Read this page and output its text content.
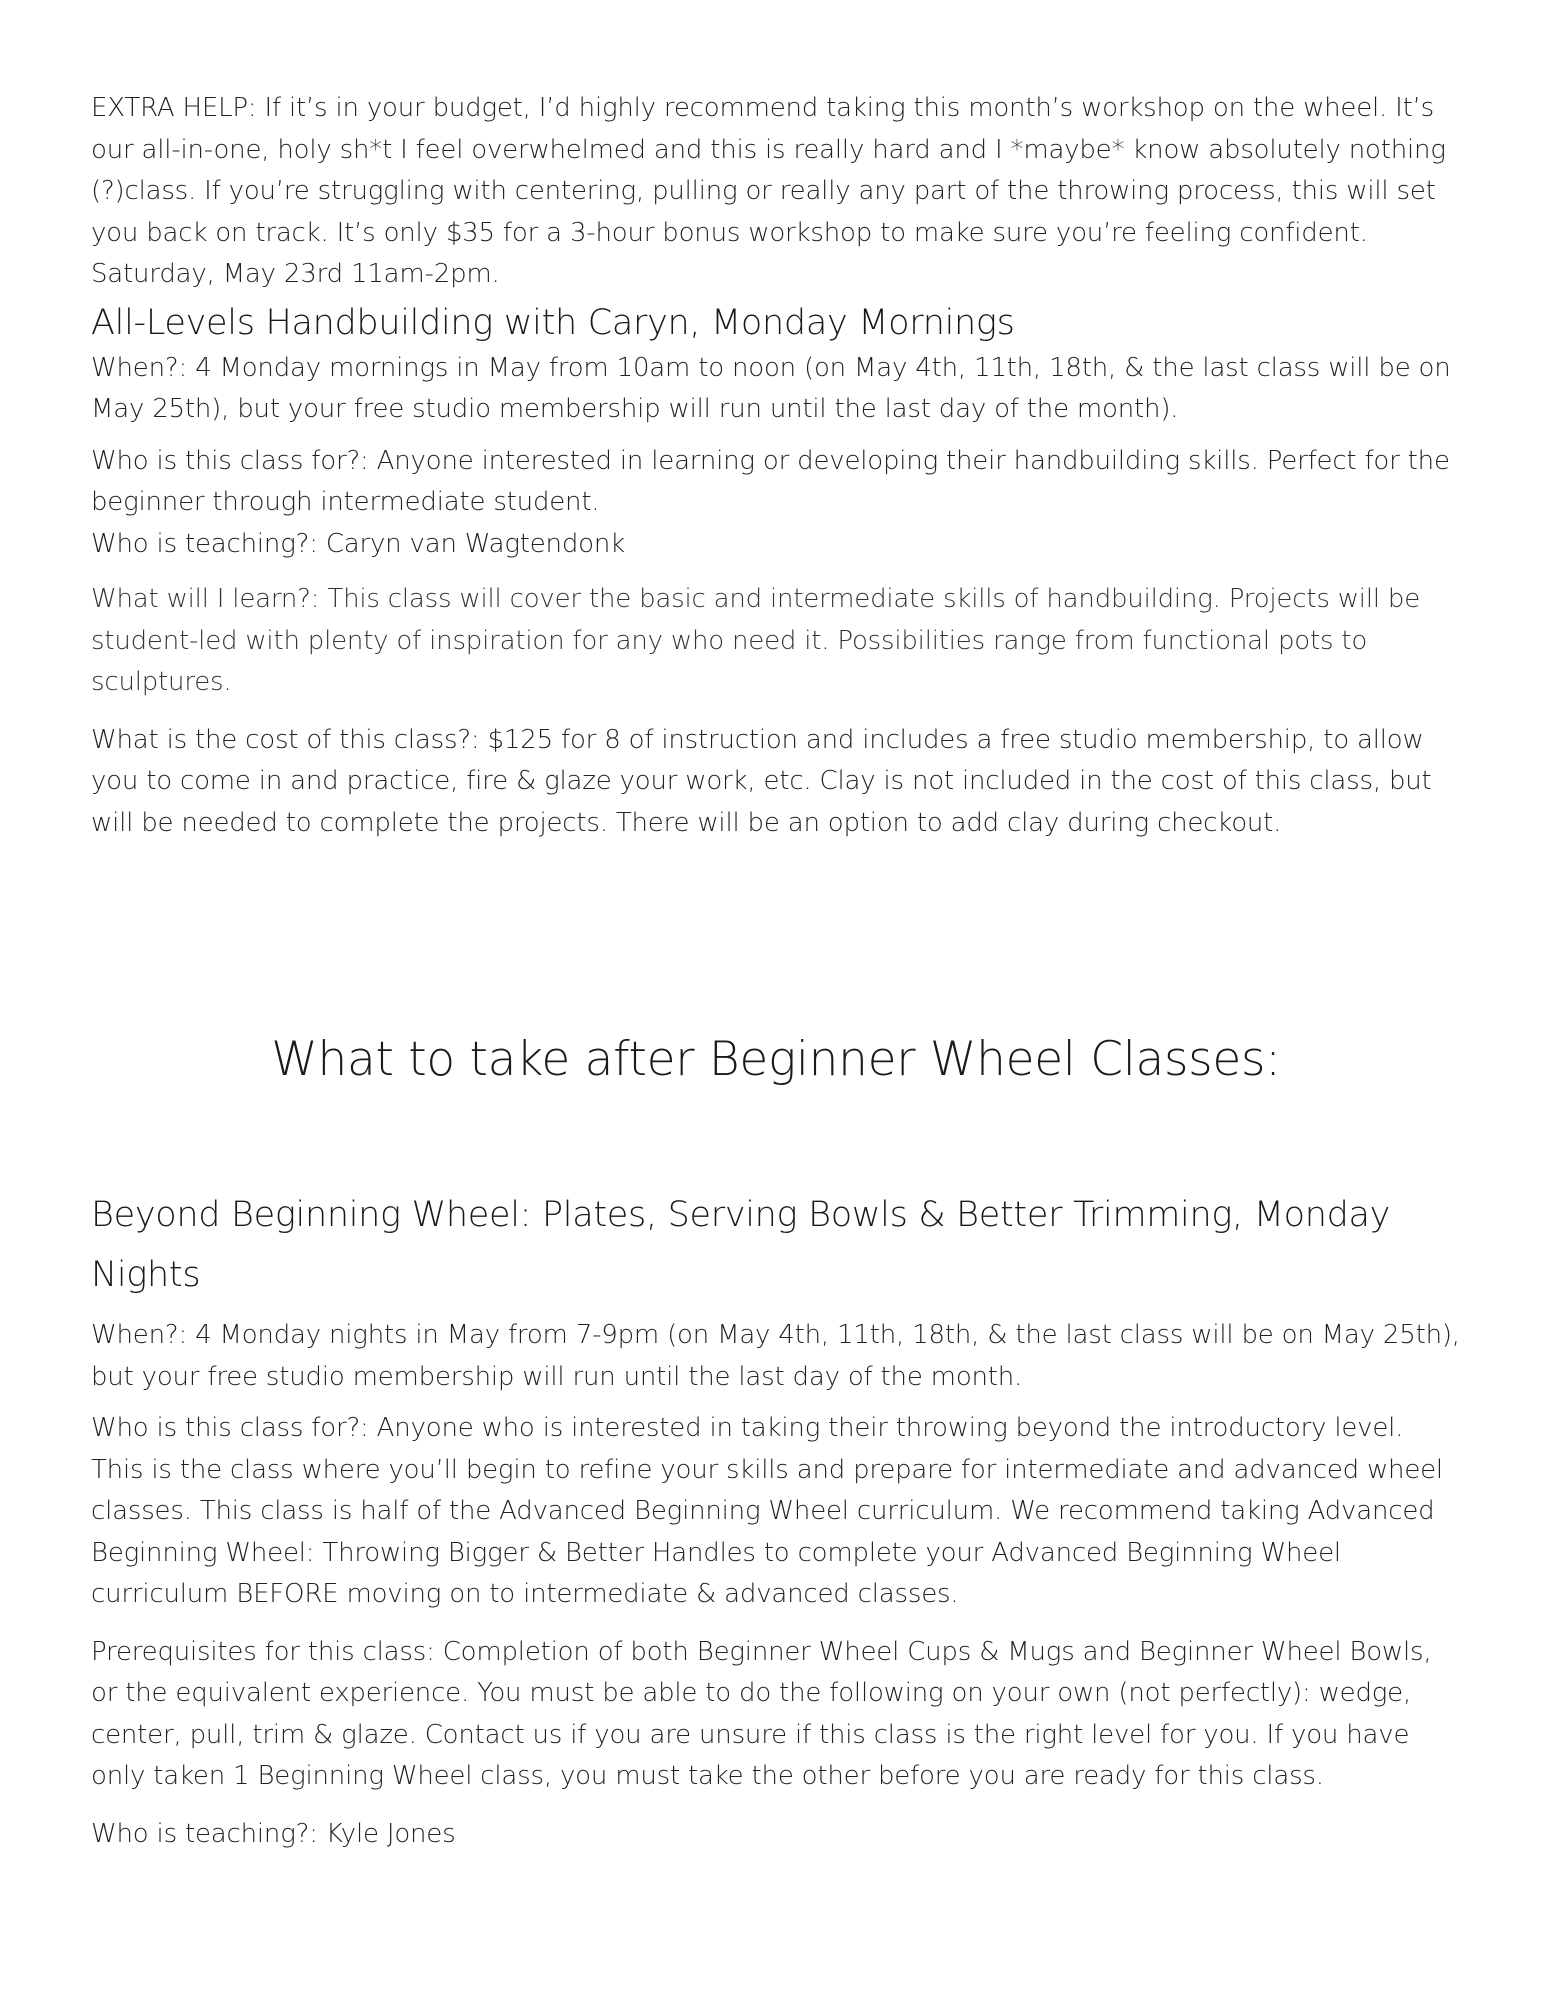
EXTRA HELP: If it’s in your budget, I’d highly recommend taking this month’s workshop on the wheel. It’s our all-in-one, holy sh*t I feel overwhelmed and this is really hard and I *maybe* know absolutely nothing (?)class. If you’re struggling with centering, pulling or really any part of the throwing process, this will set you back on track. It’s only $35 for a 3-hour bonus workshop to make sure you’re feeling confident. Saturday, May 23rd 11am-2pm.

All-Levels Handbuilding with Caryn, Monday Mornings

When?: 4 Monday mornings in May from 10am to noon (on May 4th, 11th, 18th, & the last class will be on May 25th), but your free studio membership will run until the last day of the month).

Who is this class for?: Anyone interested in learning or developing their handbuilding skills. Perfect for the beginner through intermediate student.

Who is teaching?: Caryn van Wagtendonk

What will I learn?: This class will cover the basic and intermediate skills of handbuilding. Projects will be student-led with plenty of inspiration for any who need it. Possibilities range from functional pots to sculptures.

What is the cost of this class?: $125 for 8 of instruction and includes a free studio membership, to allow you to come in and practice, fire & glaze your work, etc. Clay is not included in the cost of this class, but will be needed to complete the projects. There will be an option to add clay during checkout.

What to take after Beginner Wheel Classes:
Beyond Beginning Wheel: Plates, Serving Bowls & Better Trimming, Monday Nights

When?: 4 Monday nights in May from 7-9pm (on May 4th, 11th, 18th, & the last class will be on May 25th), but your free studio membership will run until the last day of the month.

Who is this class for?: Anyone who is interested in taking their throwing beyond the introductory level. This is the class where you’ll begin to refine your skills and prepare for intermediate and advanced wheel classes. This class is half of the Advanced Beginning Wheel curriculum. We recommend taking Advanced Beginning Wheel: Throwing Bigger & Better Handles to complete your Advanced Beginning Wheel curriculum BEFORE moving on to intermediate & advanced classes.

Prerequisites for this class: Completion of both Beginner Wheel Cups & Mugs and Beginner Wheel Bowls, or the equivalent experience. You must be able to do the following on your own (not perfectly): wedge, center, pull, trim & glaze. Contact us if you are unsure if this class is the right level for you. If you have only taken 1 Beginning Wheel class, you must take the other before you are ready for this class.

Who is teaching?: Kyle Jones
